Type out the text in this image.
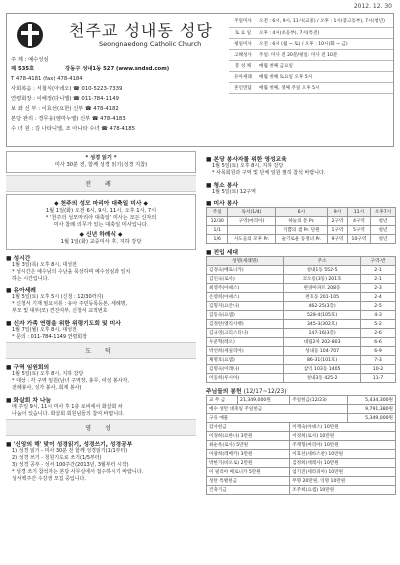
2012. 12. 30
천주교 성내동 성당
Seongnaedong Catholic Church
주 제 : 예수성심
제 535호	강동구 성내1동 527 (www.sndsd.com)
T 478-4181 (fax) 478-4184
사회복음 : 서철식(아녜오) ☎ 010-5223-7339
연령회장 : 이해정(다니엘) ☎ 011-784-1149
보 좌 신 부 : 이효선(요한) 신부 ☎ 478-4182
본당 관리 : 경무웅(엠마누엘) 신부 ☎ 478-4183
수 녀 원 : 김 나타니엘, 조 아니타 수녀 ☎ 478-4185
주일미사	오전 : 6시, 9시, 11시(교중) / 오후 : 1시(중고등부), 7시(청년)
토 요 일	오후 : 4시(초등부), 7시(특전)
평일미사	오전 : 6시 (월 ~ 토) / 오후 : 10시(화 ~ 금)
고해성사	주일: 미사 전 20분/평일: 미사 전 10분
봉 성 체	매월 첫째 금요일
유아세례	매월 첫째 토요일 오후 5시
혼인면담	매월 첫째, 셋째 주일 오후 5시
* 성경 읽기 *
미사 30분 전, 함께 성경 읽기(성경 지참)
전 례
◆ 천주의 성모 마리아 대축일 미사 ◆
1월 1일(화) 오전 6시, 9시, 11시, 오후 1시, 7시
* '천주의 성모마리아 대축일' 미사는 모든 신자의
미사 참례 의무가 있는 대축일 미사입니다.
◆ 신년 하례식 ◆
1월 1일(화) 교중미사 후, 지하 강당
■ 성시간
1월 3일(목) 오후 8시, 대성전
* 성시간은 예수님의 수난을 묵상하며 예수성심과 일치
하는 시간입니다.
■ 유아세례
1월 5일(토) 오후 5시 (신청 : 12/30까지)
* 신청서 기재 필요서류 : 유아 주민등록등본, 세례명,
부모 및 대부(모) 견진여부, 신청서 교적번호
■ 신자 가족 연령을 위한 위령기도회 및 미사
1월 7일(월) 오후 8시, 대성전
* 문의 : 011-784-1149 연령회장
도 덕
■ 구역 임원회의
1월 5일(토) 오후 8시, 지하 강당
* 대상 : 각 구역 임원(남녀 구역장, 총무, 여성 봉사자,
전례봉사, 성가 봉사, 회계 봉사)
■ 화살회 차 나눔
매 주일 9시, 11시 미사 후 1층 로비에서 화살회 차
나눔이 있습니다. 화살회 회원님들의 참여 바랍니다.
영 성
■ '신앙의 해' 맞이 성경읽기, 성경쓰기, 성경공부
1) 성경 읽기 - 미사 30분 전 함께 성경읽기(1/1부터)
2) 성경 쓰기 - 청원기도로 쓰기(1/5부터)
3) 성경 공부 - 성서 100주간(2013년, 3월부터 시작)
* 성경 쓰기 참석자는 본당 사무실에서 접수하시기 바랍니다.
성서백주간 수강생 모집 중입니다.
■ 본당 봉사자를 위한 영성교육
1월 5일(토) 오후 8시, 지하 강당
* 사목회원과 구역 및 단체 임원 필히 참석 바랍니다.
■ 청소 봉사
1월 5일(토) 12구역
■ 미사 봉사
주일	독서(1/4)	6시	9시	11시	오후7시
12/30	구역(마리아)	하늘의 문 Pr.	2구역	4구역	청년
1/1		기쁨의 샘 Pr. 단원	1구역	5구역	청년
1/6	사도들의 모후 Pr.	슬기로운 동정녀 Pr.	9구역	10구역	청년
■ 전입 세대
성명(세례명)	주소	구역-반
김경숙(베로니카)	성내1동 552-5	2-1
김인숙(로사)	코오롱(3동) 201호	2-1
최영주(아녜스)	한양아파트 208동	2-3
손영희(아녜스)	천호동 201-105	2-4
김형지(요안나)	462-25(3층)	2-5
김동숙(요셉)	528-4(105호)	4-3
김정란(엘리사벳)	345-3(302호)	5-2
김규영(크리스티나)	147-16(3층)	2-6
우준혁(레오)	대림2차 202-803	6-6
박선희(세실리아)	성내동 104-707	6-9
채명호(요셉)	86-31(101호)	7-3
김명숙(이레나)	삼익 103동 1405	10-2
이동희(루시아)	성내3동 425-2	11-7
주님들의 봉헌 (12/17~12/23)
교 무 금	21,349,000원	주일헌금(12/23)	5,434,300원
예수 성탄 대축일 주일헌금			9,791,380원
구유 예물			5,349,000원
감사헌금		이재숙(아녜스) 10만원	
이경희(요한나) 3만원		이경희(로사) 10만원	
최순옥(로사) 5만원		주계형(마리아) 10만원	
이광희(레베카) 3만원		이효선(세바스찬) 10만원	
박한기(바오로) 2만원		김정희(데레사) 10만원	
이 필리아 베로니카 5만원		엄기진(세라피아) 10만원	
성탄 특별헌금		무명 20만원, 익명 10만원	
건축기금		조주희(요셉) 10만원	
